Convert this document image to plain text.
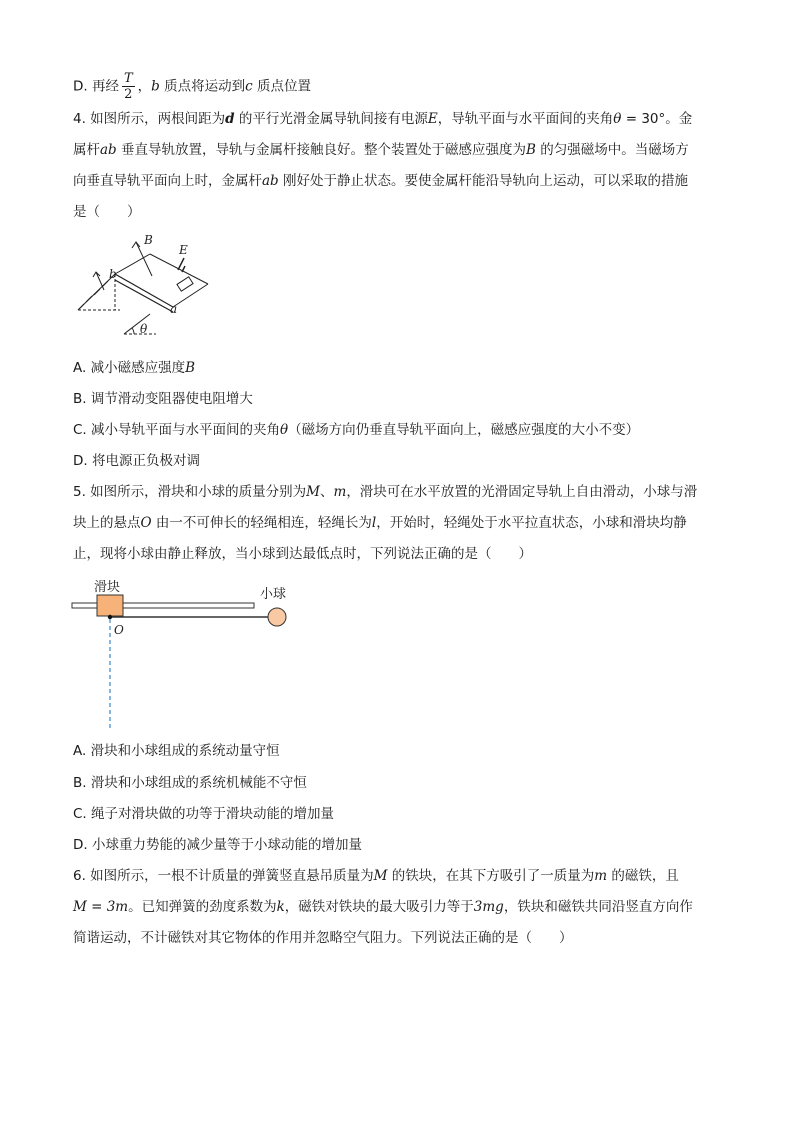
D. 再经 $\frac{T}{2}$ ，b 质点将运动到c 质点位置
4. 如图所示，两根间距为d 的平行光滑金属导轨间接有电源E，导轨平面与水平面间的夹角θ = 30°。金
属杆ab 垂直导轨放置，导轨与金属杆接触良好。整个装置处于磁感应强度为B 的匀强磁场中。当磁场方
向垂直导轨平面向上时，金属杆ab 刚好处于静止状态。要使金属杆能沿导轨向上运动，可以采取的措施
是（　　）
B
E
b
a
θ
A. 减小磁感应强度B
B. 调节滑动变阻器使电阻增大
C. 减小导轨平面与水平面间的夹角θ（磁场方向仍垂直导轨平面向上，磁感应强度的大小不变）
D. 将电源正负极对调
5. 如图所示，滑块和小球的质量分别为M、m，滑块可在水平放置的光滑固定导轨上自由滑动，小球与滑
块上的悬点O 由一不可伸长的轻绳相连，轻绳长为l，开始时，轻绳处于水平拉直状态，小球和滑块均静
止，现将小球由静止释放，当小球到达最低点时，下列说法正确的是（　　）
滑块	小球
O
A. 滑块和小球组成的系统动量守恒
B. 滑块和小球组成的系统机械能不守恒
C. 绳子对滑块做的功等于滑块动能的增加量
D. 小球重力势能的减少量等于小球动能的增加量
6. 如图所示，一根不计质量的弹簧竖直悬吊质量为M 的铁块，在其下方吸引了一质量为m 的磁铁，且
M = 3m。已知弹簧的劲度系数为k，磁铁对铁块的最大吸引力等于3mg，铁块和磁铁共同沿竖直方向作
简谐运动，不计磁铁对其它物体的作用并忽略空气阻力。下列说法正确的是（　　）
